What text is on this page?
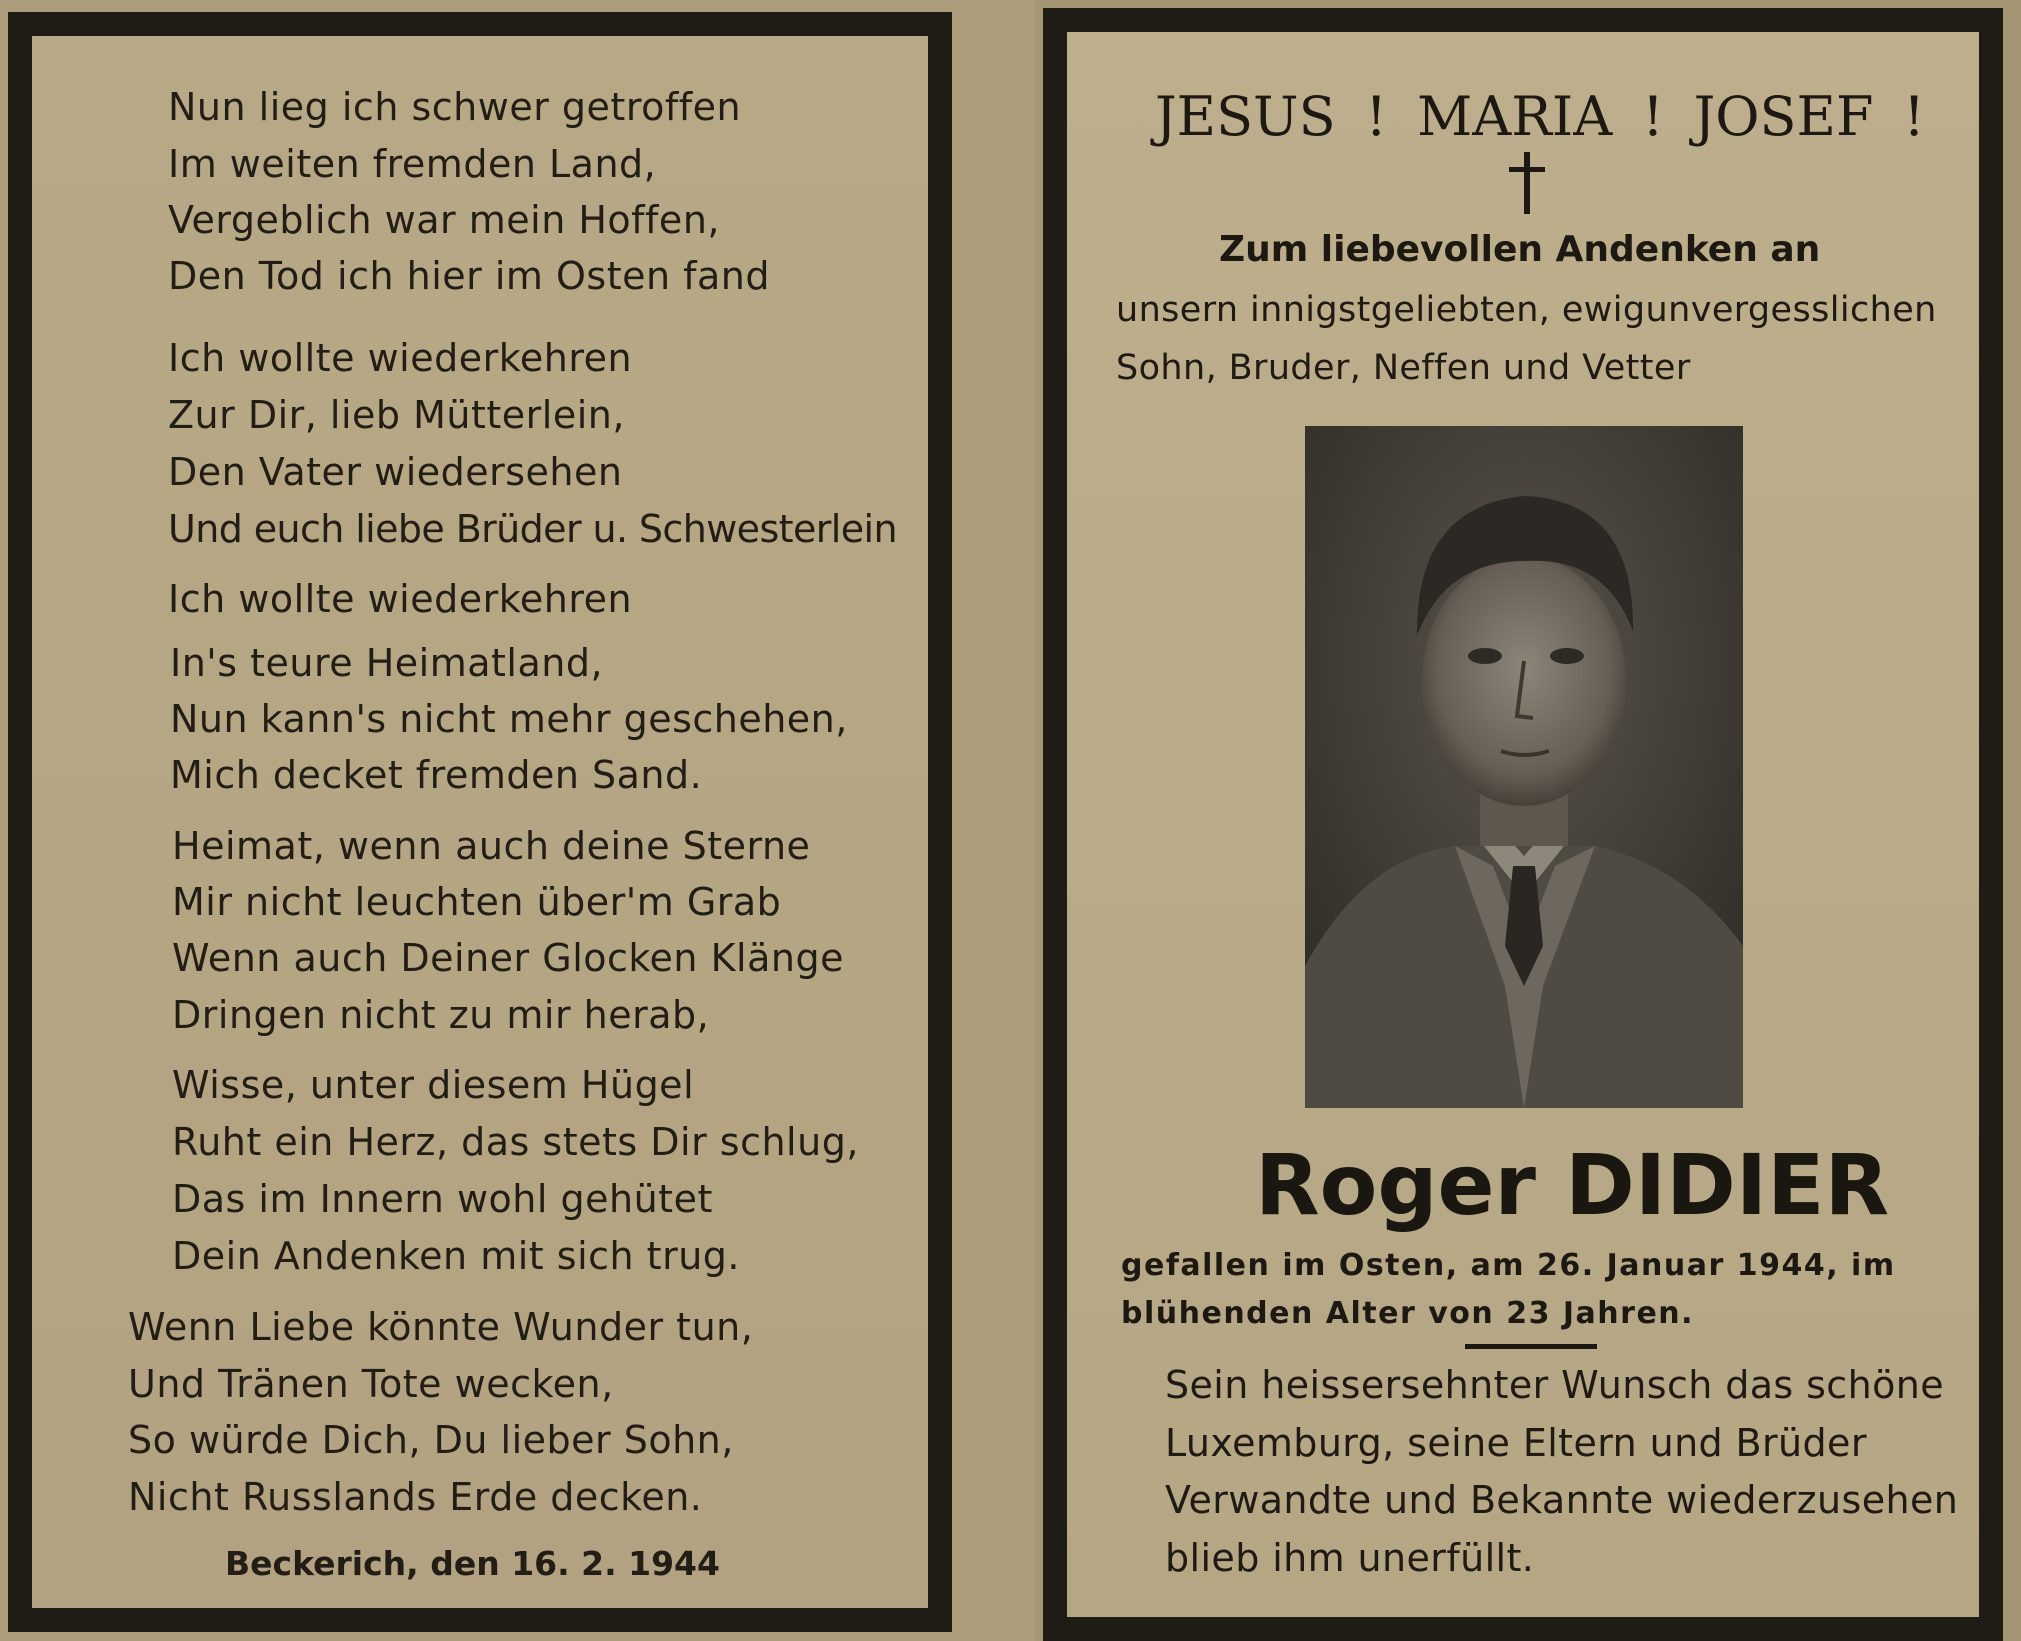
Nun lieg ich schwer getroffen
Im weiten fremden Land,
Vergeblich war mein Hoffen,
Den Tod ich hier im Osten fand
Ich wollte wiederkehren
Zur Dir, lieb Mütterlein,
Den Vater wiedersehen
Und euch liebe Brüder u. Schwesterlein
Ich wollte wiederkehren
In's teure Heimatland,
Nun kann's nicht mehr geschehen,
Mich decket fremden Sand.
Heimat, wenn auch deine Sterne
Mir nicht leuchten über'm Grab
Wenn auch Deiner Glocken Klänge
Dringen nicht zu mir herab,
Wisse, unter diesem Hügel
Ruht ein Herz, das stets Dir schlug,
Das im Innern wohl gehütet
Dein Andenken mit sich trug.
Wenn Liebe könnte Wunder tun,
Und Tränen Tote wecken,
So würde Dich, Du lieber Sohn,
Nicht Russlands Erde decken.
Beckerich, den 16. 2. 1944
JESUS ! MARIA ! JOSEF !
Zum liebevollen Andenken an
unsern innigstgeliebten, ewigunvergesslichen
Sohn, Bruder, Neffen und Vetter
Roger DIDIER
gefallen im Osten, am 26. Januar 1944, im
blühenden Alter von 23 Jahren.
Sein heissersehnter Wunsch das schöne
Luxemburg, seine Eltern und Brüder
Verwandte und Bekannte wiederzusehen
blieb ihm unerfüllt.
